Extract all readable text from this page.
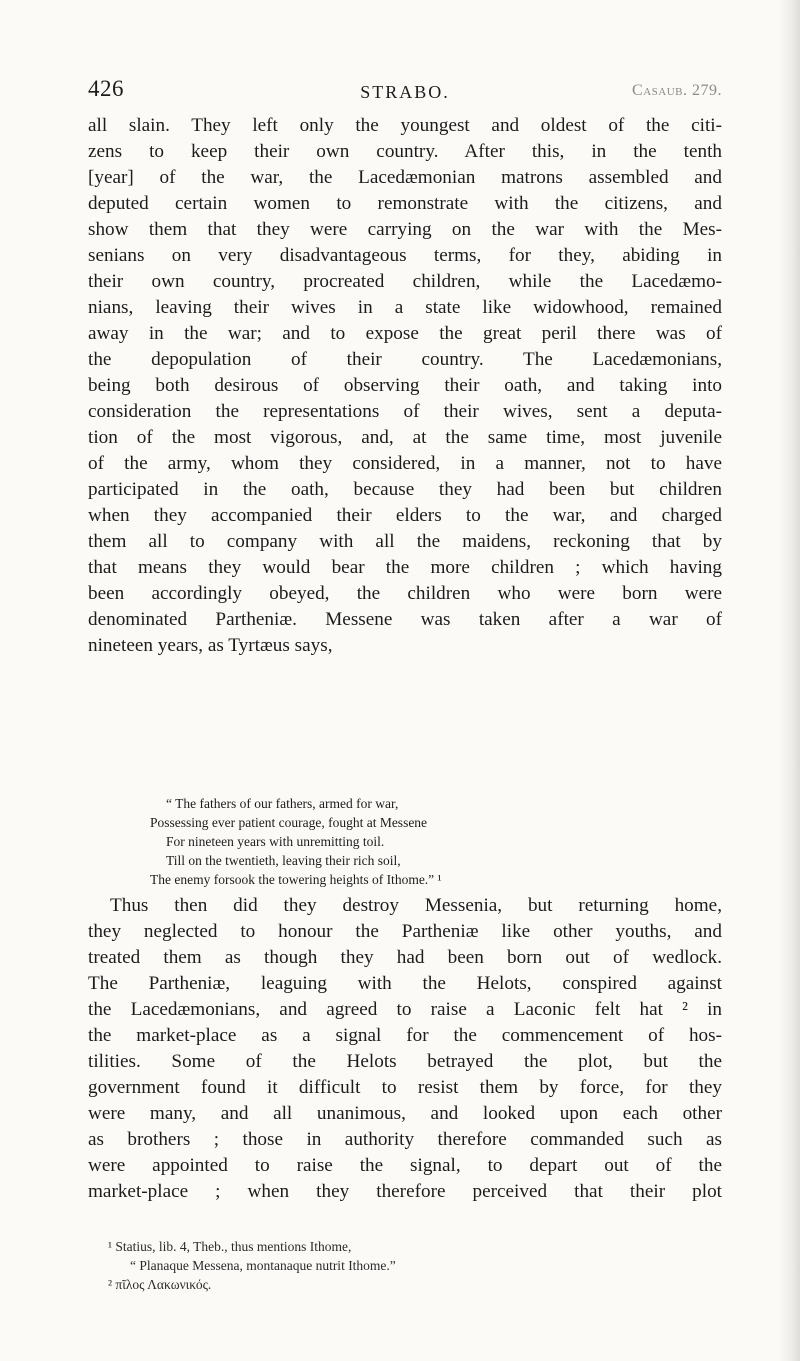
426	STRABO.	Casaub. 279.
all slain. They left only the youngest and oldest of the citi-
zens to keep their own country. After this, in the tenth
[year] of the war, the Lacedæmonian matrons assembled and
deputed certain women to remonstrate with the citizens, and
show them that they were carrying on the war with the Mes-
senians on very disadvantageous terms, for they, abiding in
their own country, procreated children, while the Lacedæmo-
nians, leaving their wives in a state like widowhood, remained
away in the war; and to expose the great peril there was of
the depopulation of their country. The Lacedæmonians,
being both desirous of observing their oath, and taking into
consideration the representations of their wives, sent a deputa-
tion of the most vigorous, and, at the same time, most juvenile
of the army, whom they considered, in a manner, not to have
participated in the oath, because they had been but children
when they accompanied their elders to the war, and charged
them all to company with all the maidens, reckoning that by
that means they would bear the more children ; which having
been accordingly obeyed, the children who were born were
denominated Partheniæ. Messene was taken after a war of
nineteen years, as Tyrtæus says,
“ The fathers of our fathers, armed for war,
Possessing ever patient courage, fought at Messene
For nineteen years with unremitting toil.
Till on the twentieth, leaving their rich soil,
The enemy forsook the towering heights of Ithome.” ¹
Thus then did they destroy Messenia, but returning home,
they neglected to honour the Partheniæ like other youths, and
treated them as though they had been born out of wedlock.
The Partheniæ, leaguing with the Helots, conspired against
the Lacedæmonians, and agreed to raise a Laconic felt hat ² in
the market-place as a signal for the commencement of hos-
tilities. Some of the Helots betrayed the plot, but the
government found it difficult to resist them by force, for they
were many, and all unanimous, and looked upon each other
as brothers ; those in authority therefore commanded such as
were appointed to raise the signal, to depart out of the
market-place ; when they therefore perceived that their plot
¹ Statius, lib. 4, Theb., thus mentions Ithome,
“ Planaque Messena, montanaque nutrit Ithome.”
² πῖλος Λακωνικός.
